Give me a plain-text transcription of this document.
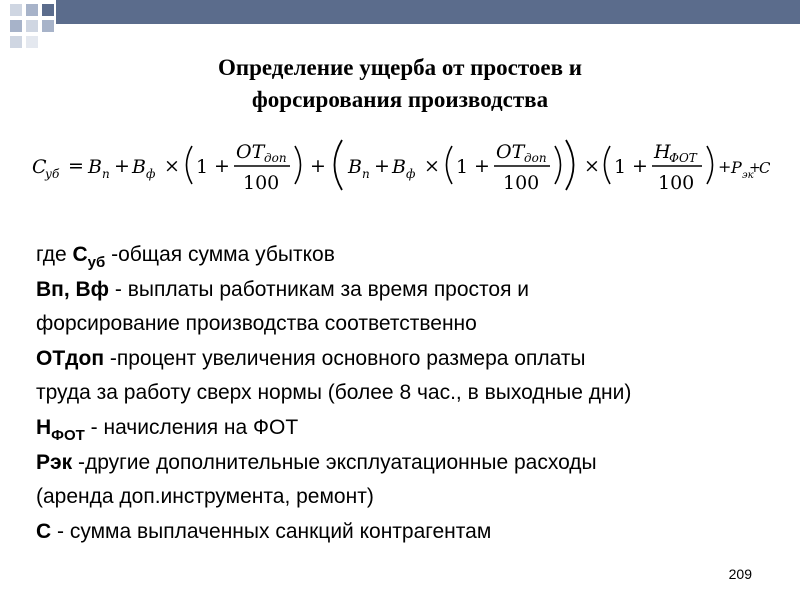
Определение ущерба от простоев и
форсирования производства
C
уб = B п + B ф × 1 +
OT доп
100
+ B п + B ф × 1 +
OT доп
100
× 1 +
H
ФОТ
100
+ P эк
+
C
где $С_{уб}$ -общая сумма убытков
Вп, Вф - выплаты работникам за время простоя и
форсирование производства соответственно
ОТдоп -процент увеличения основного размера оплаты
труда за работу сверх нормы (более 8 час., в выходные дни)
$Н_{ФОТ}$ - начисления на ФОТ
Рэк -другие дополнительные эксплуатационные расходы
(аренда доп.инструмента, ремонт)
С - сумма выплаченных санкций контрагентам
209
